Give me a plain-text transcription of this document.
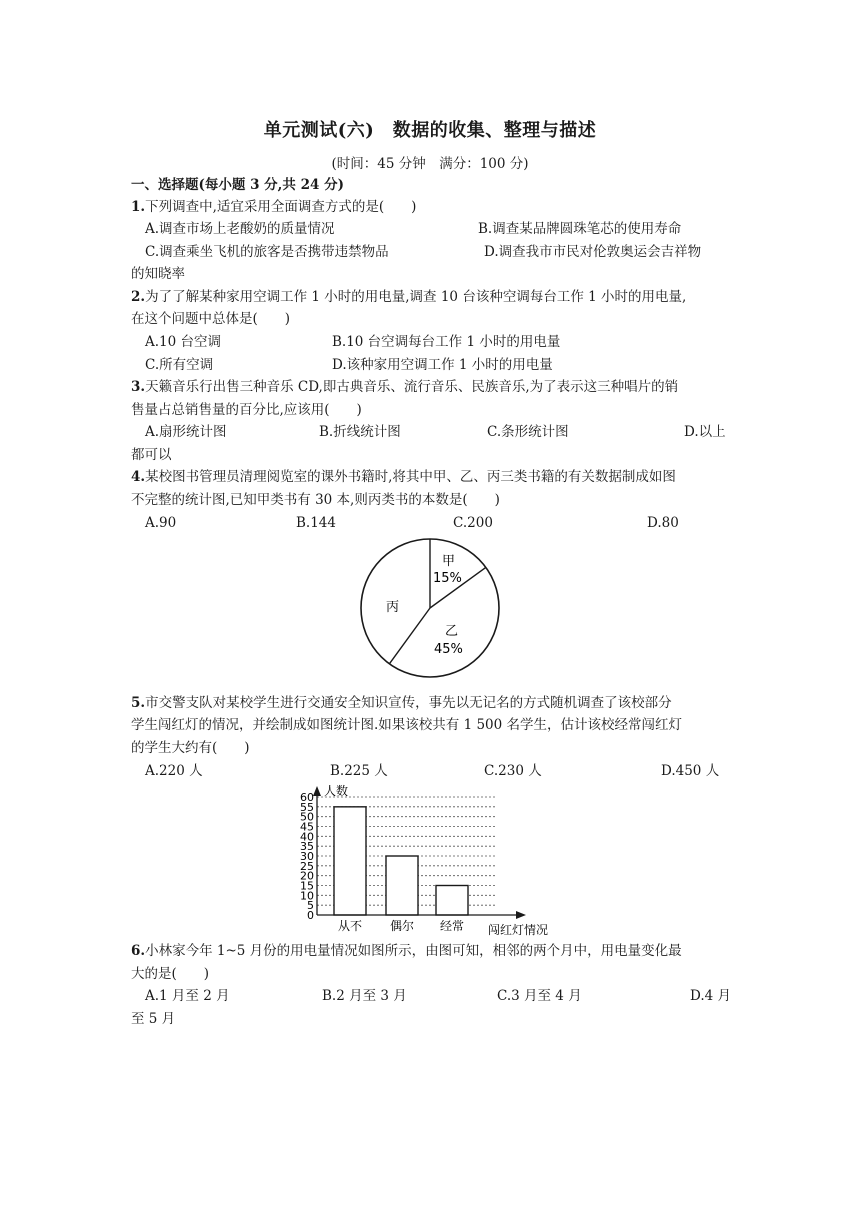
单元测试(六)　数据的收集、整理与描述
(时间：45 分钟　满分：100 分)
一、选择题(每小题 3 分,共 24 分)
1.下列调查中,适宜采用全面调查方式的是(　　)
A.调查市场上老酸奶的质量情况	B.调查某品牌圆珠笔芯的使用寿命
C.调查乘坐飞机的旅客是否携带违禁物品	D.调查我市市民对伦敦奥运会吉祥物
的知晓率
2.为了了解某种家用空调工作 1 小时的用电量,调查 10 台该种空调每台工作 1 小时的用电量,
在这个问题中总体是(　　)
A.10 台空调	B.10 台空调每台工作 1 小时的用电量
C.所有空调	D.该种家用空调工作 1 小时的用电量
3.天籁音乐行出售三种音乐 CD,即古典音乐、流行音乐、民族音乐,为了表示这三种唱片的销
售量占总销售量的百分比,应该用(　　)
A.扇形统计图	B.折线统计图	C.条形统计图	D.以上
都可以
4.某校图书管理员清理阅览室的课外书籍时,将其中甲、乙、丙三类书籍的有关数据制成如图
不完整的统计图,已知甲类书有 30 本,则丙类书的本数是(　　)
A.90	B.144	C.200	D.80
甲
15%
乙
45%
丙
5.市交警支队对某校学生进行交通安全知识宣传，事先以无记名的方式随机调查了该校部分
学生闯红灯的情况，并绘制成如图统计图.如果该校共有 1 500 名学生，估计该校经常闯红灯
的学生大约有(　　)
A.220 人	B.225 人	C.230 人	D.450 人
0
5
10
15
20
25
30
35
40
45
50
55
60
从不 偶尔 经常
人数
闯红灯情况
6.小林家今年 1~5 月份的用电量情况如图所示，由图可知，相邻的两个月中，用电量变化最
大的是(　　)
A.1 月至 2 月	B.2 月至 3 月	C.3 月至 4 月	D.4 月
至 5 月
